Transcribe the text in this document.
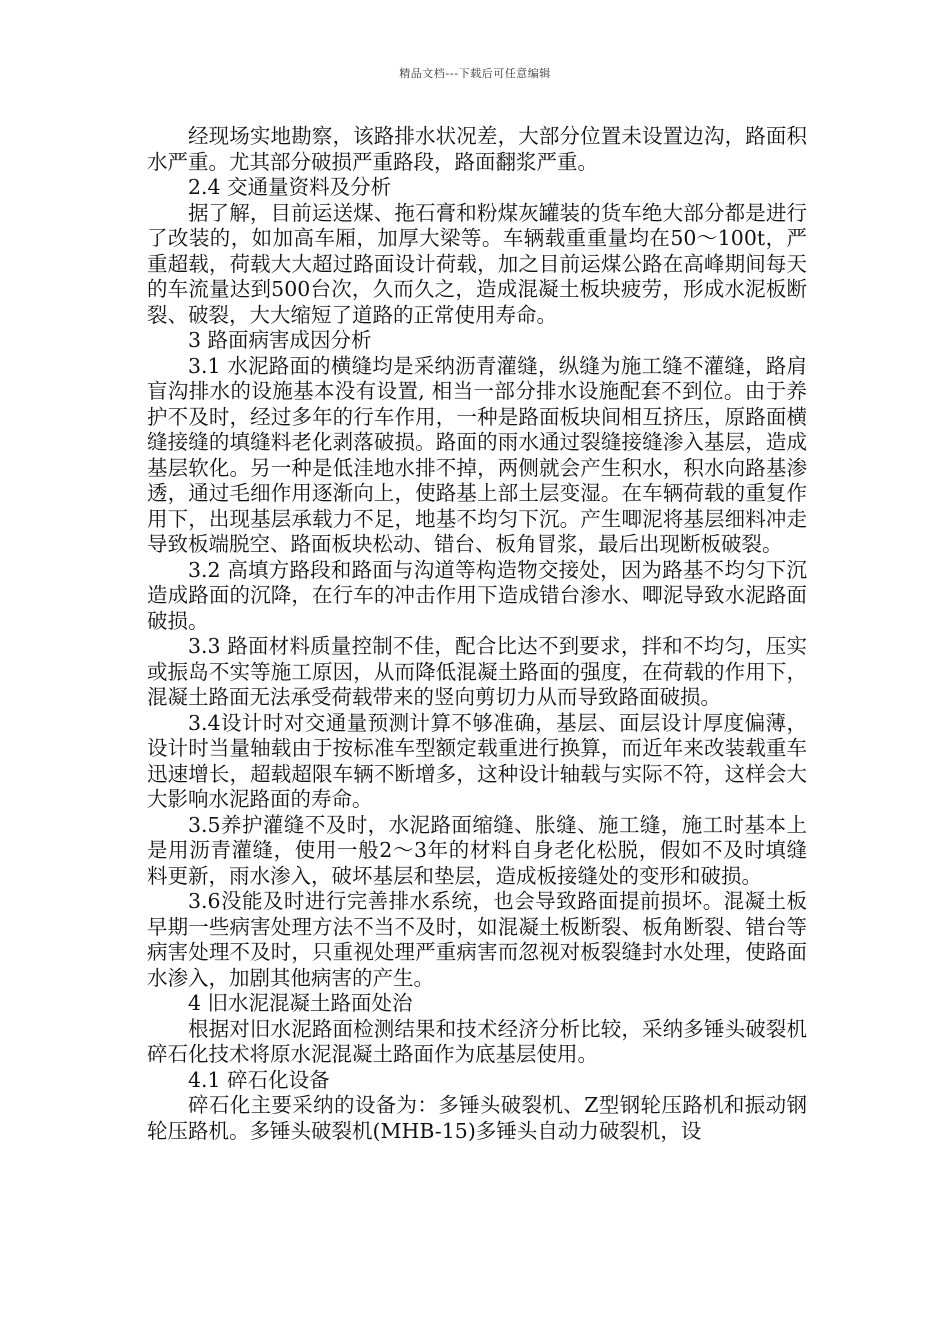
精品文档---下载后可任意编辑

经现场实地勘察，该路排水状况差，大部分位置未设置边沟，路面积水严重。尤其部分破损严重路段，路面翻浆严重。

2.4 交通量资料及分析

据了解，目前运送煤、拖石膏和粉煤灰罐装的货车绝大部分都是进行了改装的，如加高车厢，加厚大梁等。车辆载重重量均在50～100t，严重超载，荷载大大超过路面设计荷载，加之目前运煤公路在高峰期间每天的车流量达到500台次，久而久之，造成混凝土板块疲劳，形成水泥板断裂、破裂，大大缩短了道路的正常使用寿命。

3 路面病害成因分析

3.1 水泥路面的横缝均是采纳沥青灌缝，纵缝为施工缝不灌缝，路肩盲沟排水的设施基本没有设置, 相当一部分排水设施配套不到位。由于养护不及时，经过多年的行车作用，一种是路面板块间相互挤压，原路面横缝接缝的填缝料老化剥落破损。路面的雨水通过裂缝接缝渗入基层，造成基层软化。另一种是低洼地水排不掉，两侧就会产生积水，积水向路基渗透，通过毛细作用逐渐向上，使路基上部土层变湿。在车辆荷载的重复作用下，出现基层承载力不足，地基不均匀下沉。产生唧泥将基层细料冲走导致板端脱空、路面板块松动、错台、板角冒浆，最后出现断板破裂。

3.2 高填方路段和路面与沟道等构造物交接处，因为路基不均匀下沉造成路面的沉降，在行车的冲击作用下造成错台渗水、唧泥导致水泥路面破损。

3.3 路面材料质量控制不佳，配合比达不到要求，拌和不均匀，压实或振岛不实等施工原因，从而降低混凝土路面的强度，在荷载的作用下，混凝土路面无法承受荷载带来的竖向剪切力从而导致路面破损。

3.4设计时对交通量预测计算不够准确，基层、面层设计厚度偏薄，设计时当量轴载由于按标准车型额定载重进行换算，而近年来改装载重车迅速增长，超载超限车辆不断增多，这种设计轴载与实际不符，这样会大大影响水泥路面的寿命。

3.5养护灌缝不及时，水泥路面缩缝、胀缝、施工缝，施工时基本上是用沥青灌缝，使用一般2～3年的材料自身老化松脱，假如不及时填缝料更新，雨水渗入，破坏基层和垫层，造成板接缝处的变形和破损。

3.6没能及时进行完善排水系统，也会导致路面提前损坏。混凝土板早期一些病害处理方法不当不及时，如混凝土板断裂、板角断裂、错台等病害处理不及时，只重视处理严重病害而忽视对板裂缝封水处理，使路面水渗入，加剧其他病害的产生。

4 旧水泥混凝土路面处治

根据对旧水泥路面检测结果和技术经济分析比较，采纳多锤头破裂机碎石化技术将原水泥混凝土路面作为底基层使用。

4.1 碎石化设备

碎石化主要采纳的设备为：多锤头破裂机、Z型钢轮压路机和振动钢轮压路机。多锤头破裂机(MHB-15)多锤头自动力破裂机，设
